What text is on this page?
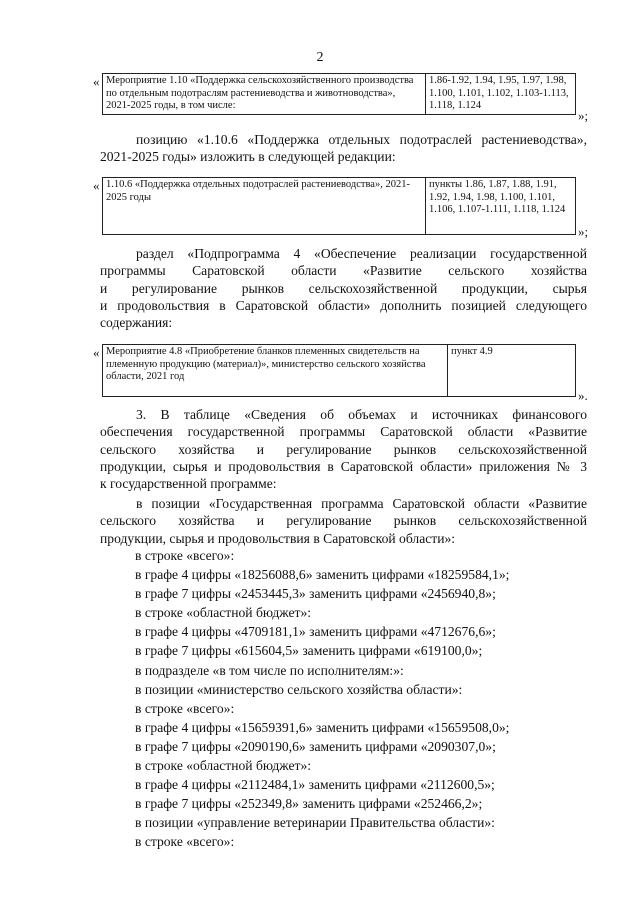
2
« Мероприятие 1.10 «Поддержка сельскохозяйственного производства по отдельным подотраслям растениеводства и животноводства», 2021-2025 годы, в том числе:	1.86-1.92, 1.94, 1.95, 1.97, 1.98, 1.100, 1.101, 1.102, 1.103-1.113, 1.118, 1.124
»;

позицию «1.10.6 «Поддержка отдельных подотраслей растениеводства»,

2021-2025 годы» изложить в следующей редакции:

« 1.10.6 «Поддержка отдельных подотраслей растениеводства», 2021-2025 годы	пункты 1.86, 1.87, 1.88, 1.91, 1.92, 1.94, 1.98, 1.100, 1.101, 1.106, 1.107-1.111, 1.118, 1.124
»;

раздел «Подпрограмма 4 «Обеспечение реализации государственной

программы Саратовской области «Развитие сельского хозяйства

и регулирование рынков сельскохозяйственной продукции, сырья

и продовольствия в Саратовской области» дополнить позицией следующего

содержания:

« Мероприятие 4.8 «Приобретение бланков племенных свидетельств на племенную продукцию (материал)», министерство сельского хозяйства области, 2021 год	пункт 4.9
».

3. В таблице «Сведения об объемах и источниках финансового

обеспечения государственной программы Саратовской области «Развитие

сельского хозяйства и регулирование рынков сельскохозяйственной

продукции, сырья и продовольствия в Саратовской области» приложения № 3

к государственной программе:

в позиции «Государственная программа Саратовской области «Развитие

сельского хозяйства и регулирование рынков сельскохозяйственной

продукции, сырья и продовольствия в Саратовской области»:

в строке «всего»:
в графе 4 цифры «18256088,6» заменить цифрами «18259584,1»;
в графе 7 цифры «2453445,3» заменить цифрами «2456940,8»;
в строке «областной бюджет»:
в графе 4 цифры «4709181,1» заменить цифрами «4712676,6»;
в графе 7 цифры «615604,5» заменить цифрами «619100,0»;
в подразделе «в том числе по исполнителям:»:
в позиции «министерство сельского хозяйства области»:
в строке «всего»:
в графе 4 цифры «15659391,6» заменить цифрами «15659508,0»;
в графе 7 цифры «2090190,6» заменить цифрами «2090307,0»;
в строке «областной бюджет»:
в графе 4 цифры «2112484,1» заменить цифрами «2112600,5»;
в графе 7 цифры «252349,8» заменить цифрами «252466,2»;
в позиции «управление ветеринарии Правительства области»:
в строке «всего»:
